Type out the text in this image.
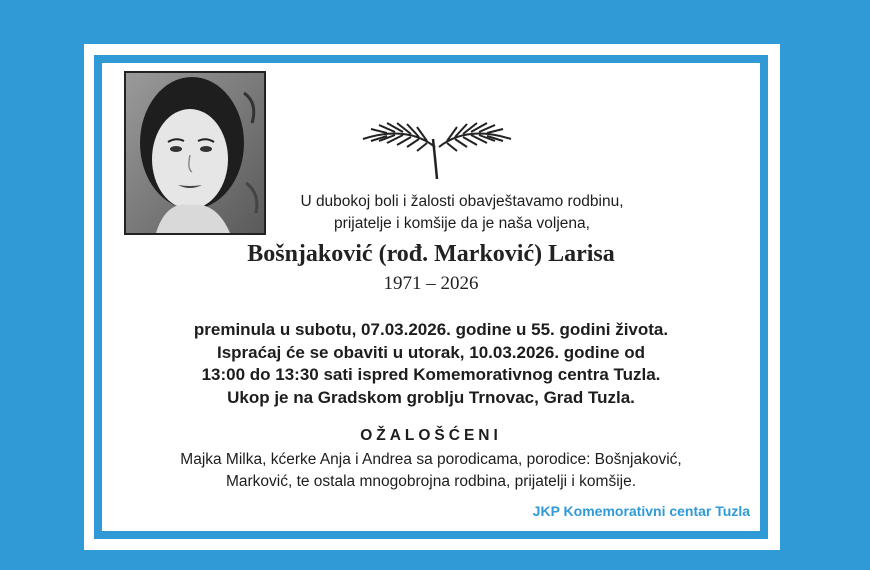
U dubokoj boli i žalosti obavještavamo rodbinu,
prijatelje i komšije da je naša voljena,
Bošnjaković (rođ. Marković) Larisa
1971 – 2026
preminula u subotu, 07.03.2026. godine u 55. godini života.
Ispraćaj će se obaviti u utorak, 10.03.2026. godine od
13:00 do 13:30 sati ispred Komemorativnog centra Tuzla.
Ukop je na Gradskom groblju Trnovac, Grad Tuzla.
OŽALOŠĆENI
Majka Milka, kćerke Anja i Andrea sa porodicama, porodice: Bošnjaković,
Marković, te ostala mnogobrojna rodbina, prijatelji i komšije.
JKP Komemorativni centar Tuzla
